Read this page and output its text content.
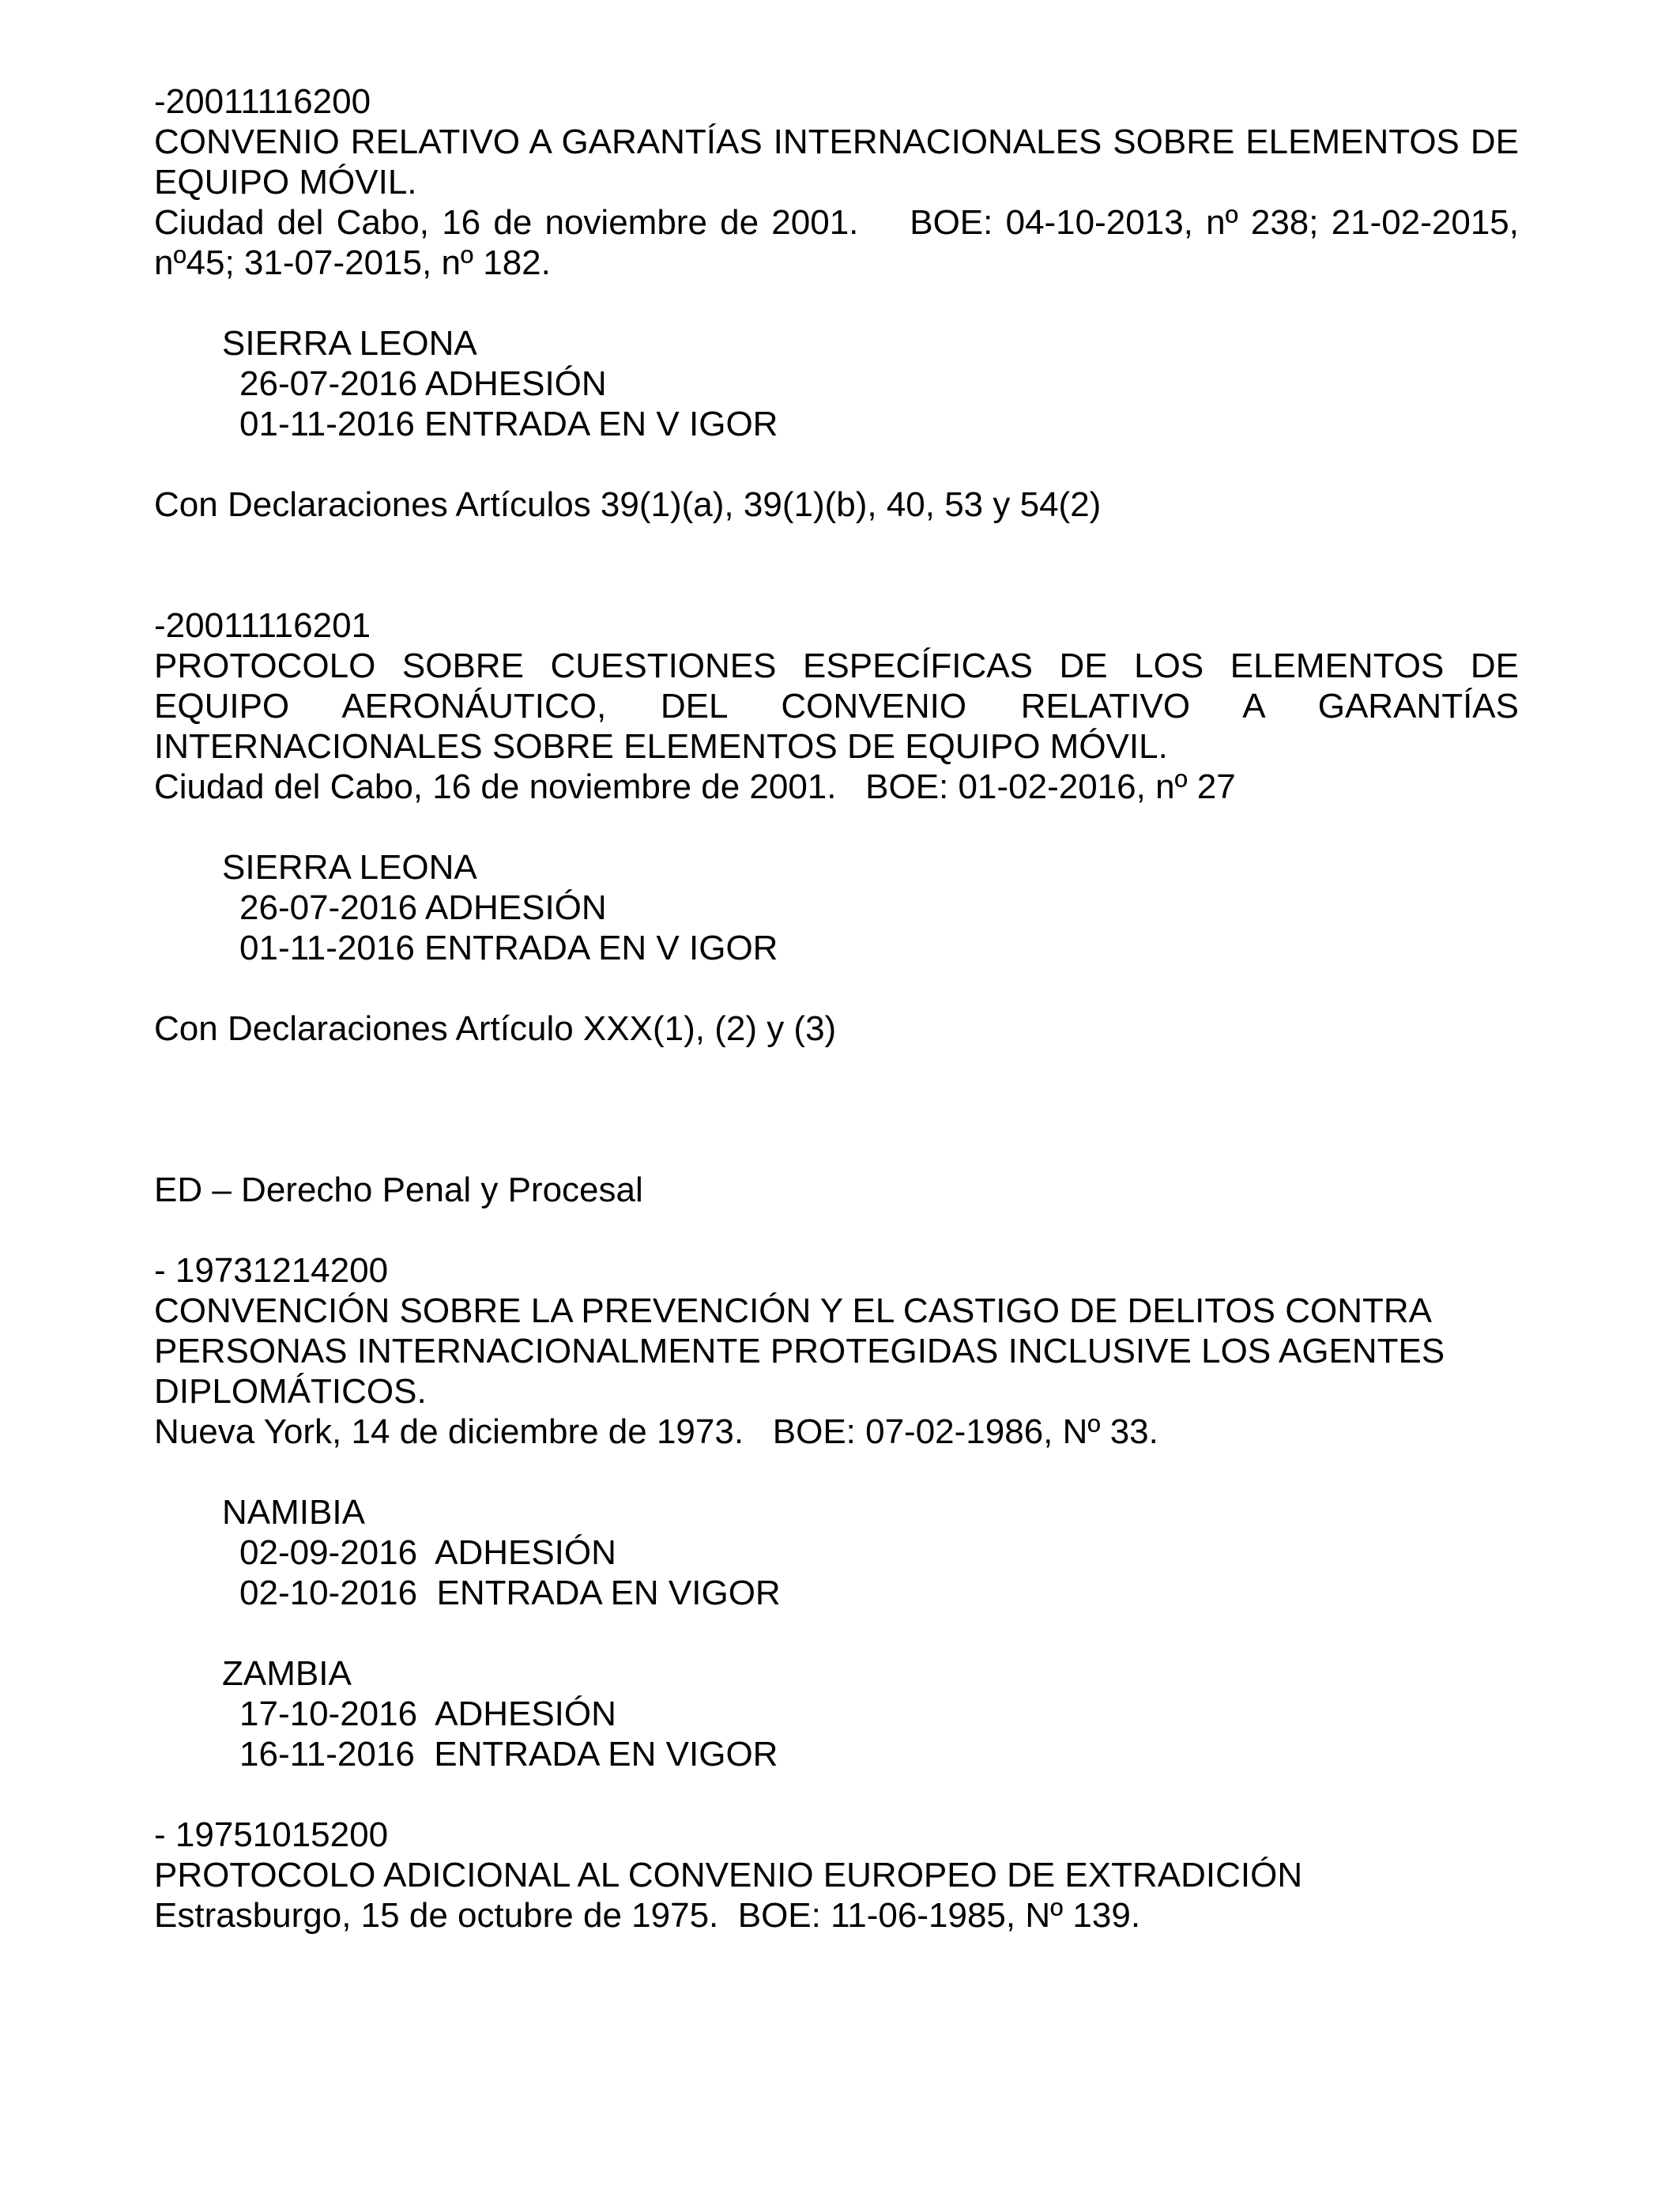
-20011116200
CONVENIO RELATIVO A GARANTÍAS INTERNACIONALES SOBRE ELEMENTOS DE
EQUIPO MÓVIL.
Ciudad del Cabo, 16 de noviembre de 2001.    BOE: 04-10-2013, nº 238; 21-02-2015,
nº45; 31-07-2015, nº 182.
SIERRA LEONA
26-07-2016 ADHESIÓN
01-11-2016 ENTRADA EN V IGOR
Con Declaraciones Artículos 39(1)(a), 39(1)(b), 40, 53 y 54(2)
-20011116201
PROTOCOLO SOBRE CUESTIONES ESPECÍFICAS DE LOS ELEMENTOS DE
EQUIPO AERONÁUTICO, DEL CONVENIO RELATIVO A GARANTÍAS
INTERNACIONALES SOBRE ELEMENTOS DE EQUIPO MÓVIL.
Ciudad del Cabo, 16 de noviembre de 2001.   BOE: 01-02-2016, nº 27
SIERRA LEONA
26-07-2016 ADHESIÓN
01-11-2016 ENTRADA EN V IGOR
Con Declaraciones Artículo XXX(1), (2) y (3)
ED – Derecho Penal y Procesal
- 19731214200
CONVENCIÓN SOBRE LA PREVENCIÓN Y EL CASTIGO DE DELITOS CONTRA
PERSONAS INTERNACIONALMENTE PROTEGIDAS INCLUSIVE LOS AGENTES
DIPLOMÁTICOS.
Nueva York, 14 de diciembre de 1973.   BOE: 07-02-1986, Nº 33.
NAMIBIA
02-09-2016  ADHESIÓN
02-10-2016  ENTRADA EN VIGOR
ZAMBIA
17-10-2016  ADHESIÓN
16-11-2016  ENTRADA EN VIGOR
- 19751015200
PROTOCOLO ADICIONAL AL CONVENIO EUROPEO DE EXTRADICIÓN
Estrasburgo, 15 de octubre de 1975.  BOE: 11-06-1985, Nº 139.
